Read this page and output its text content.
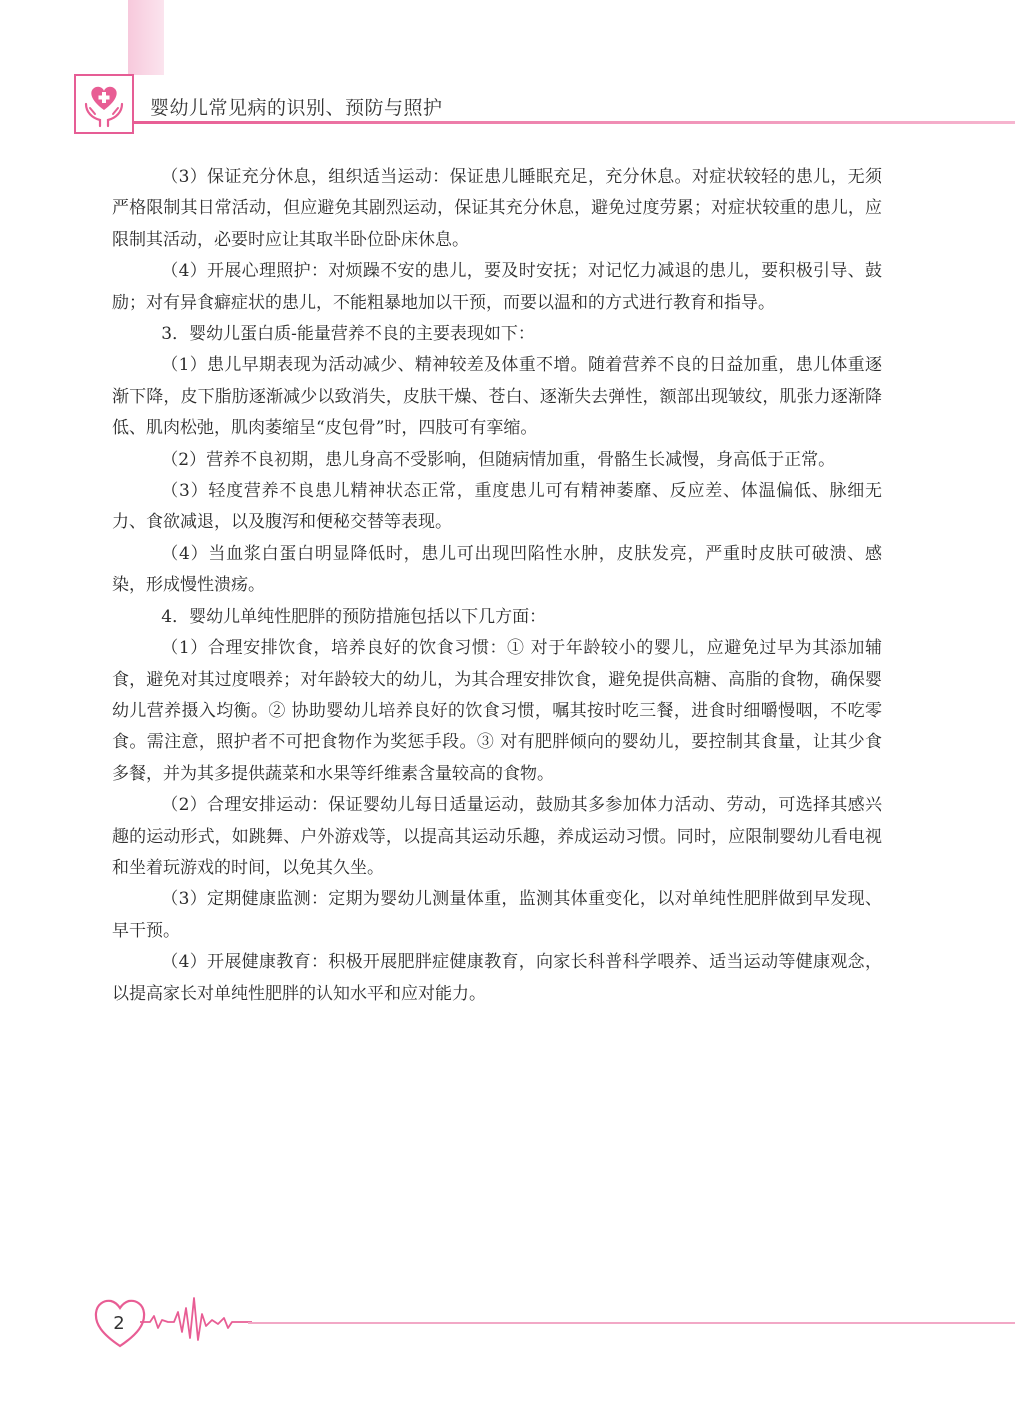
婴幼儿常见病的识别、预防与照护

（3）保证充分休息，组织适当运动：保证患儿睡眠充足，充分休息。对症状较轻的患儿，无须严格限制其日常活动，但应避免其剧烈运动，保证其充分休息，避免过度劳累；对症状较重的患儿，应限制其活动，必要时应让其取半卧位卧床休息。

（4）开展心理照护：对烦躁不安的患儿，要及时安抚；对记忆力减退的患儿，要积极引导、鼓励；对有异食癖症状的患儿，不能粗暴地加以干预，而要以温和的方式进行教育和指导。

3．婴幼儿蛋白质-能量营养不良的主要表现如下：

（1）患儿早期表现为活动减少、精神较差及体重不增。随着营养不良的日益加重，患儿体重逐渐下降，皮下脂肪逐渐减少以致消失，皮肤干燥、苍白、逐渐失去弹性，额部出现皱纹，肌张力逐渐降低、肌肉松弛，肌肉萎缩呈“皮包骨”时，四肢可有挛缩。

（2）营养不良初期，患儿身高不受影响，但随病情加重，骨骼生长减慢，身高低于正常。

（3）轻度营养不良患儿精神状态正常，重度患儿可有精神萎靡、反应差、体温偏低、脉细无力、食欲减退，以及腹泻和便秘交替等表现。

（4）当血浆白蛋白明显降低时，患儿可出现凹陷性水肿，皮肤发亮，严重时皮肤可破溃、感染，形成慢性溃疡。

4．婴幼儿单纯性肥胖的预防措施包括以下几方面：

（1）合理安排饮食，培养良好的饮食习惯：① 对于年龄较小的婴儿，应避免过早为其添加辅食，避免对其过度喂养；对年龄较大的幼儿，为其合理安排饮食，避免提供高糖、高脂的食物，确保婴幼儿营养摄入均衡。② 协助婴幼儿培养良好的饮食习惯，嘱其按时吃三餐，进食时细嚼慢咽，不吃零食。需注意，照护者不可把食物作为奖惩手段。③ 对有肥胖倾向的婴幼儿，要控制其食量，让其少食多餐，并为其多提供蔬菜和水果等纤维素含量较高的食物。

（2）合理安排运动：保证婴幼儿每日适量运动，鼓励其多参加体力活动、劳动，可选择其感兴趣的运动形式，如跳舞、户外游戏等，以提高其运动乐趣，养成运动习惯。同时，应限制婴幼儿看电视和坐着玩游戏的时间，以免其久坐。

（3）定期健康监测：定期为婴幼儿测量体重，监测其体重变化，以对单纯性肥胖做到早发现、早干预。

（4）开展健康教育：积极开展肥胖症健康教育，向家长科普科学喂养、适当运动等健康观念，以提高家长对单纯性肥胖的认知水平和应对能力。

2
